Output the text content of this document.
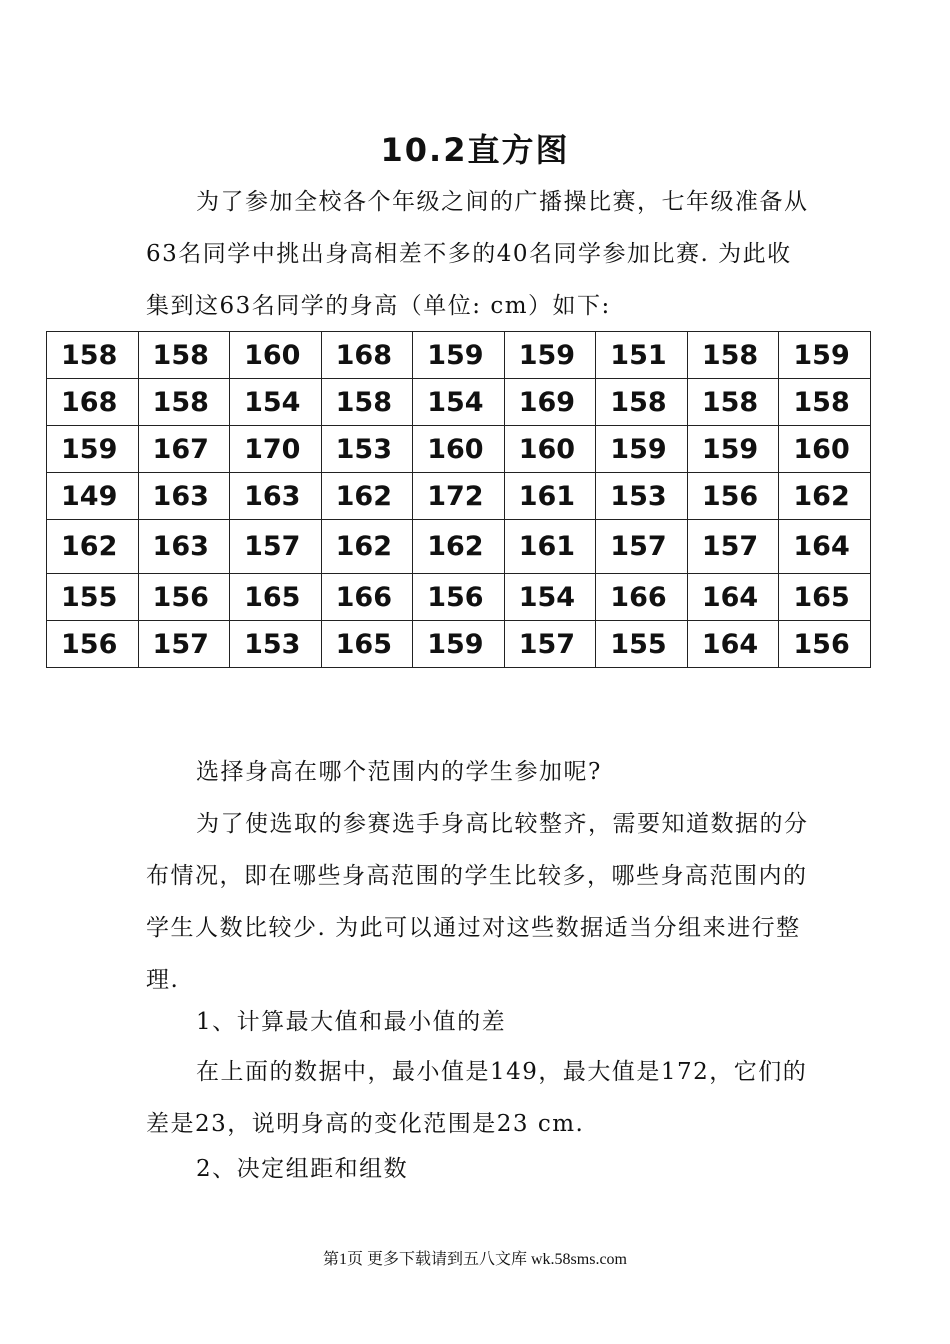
10.2直方图
为了参加全校各个年级之间的广播操比赛，七年级准备从63名同学中挑出身高相差不多的40名同学参加比赛. 为此收集到这63名同学的身高（单位: cm）如下:
158	158	160	168	159	159	151	158	159
168	158	154	158	154	169	158	158	158
159	167	170	153	160	160	159	159	160
149	163	163	162	172	161	153	156	162
162	163	157	162	162	161	157	157	164
155	156	165	166	156	154	166	164	165
156	157	153	165	159	157	155	164	156
选择身高在哪个范围内的学生参加呢?
为了使选取的参赛选手身高比较整齐，需要知道数据的分布情况，即在哪些身高范围的学生比较多，哪些身高范围内的学生人数比较少. 为此可以通过对这些数据适当分组来进行整理.
1、计算最大值和最小值的差
在上面的数据中，最小值是149，最大值是172，它们的差是23，说明身高的变化范围是23 cm.
2、决定组距和组数
第1页 更多下载请到五八文库 wk.58sms.com
